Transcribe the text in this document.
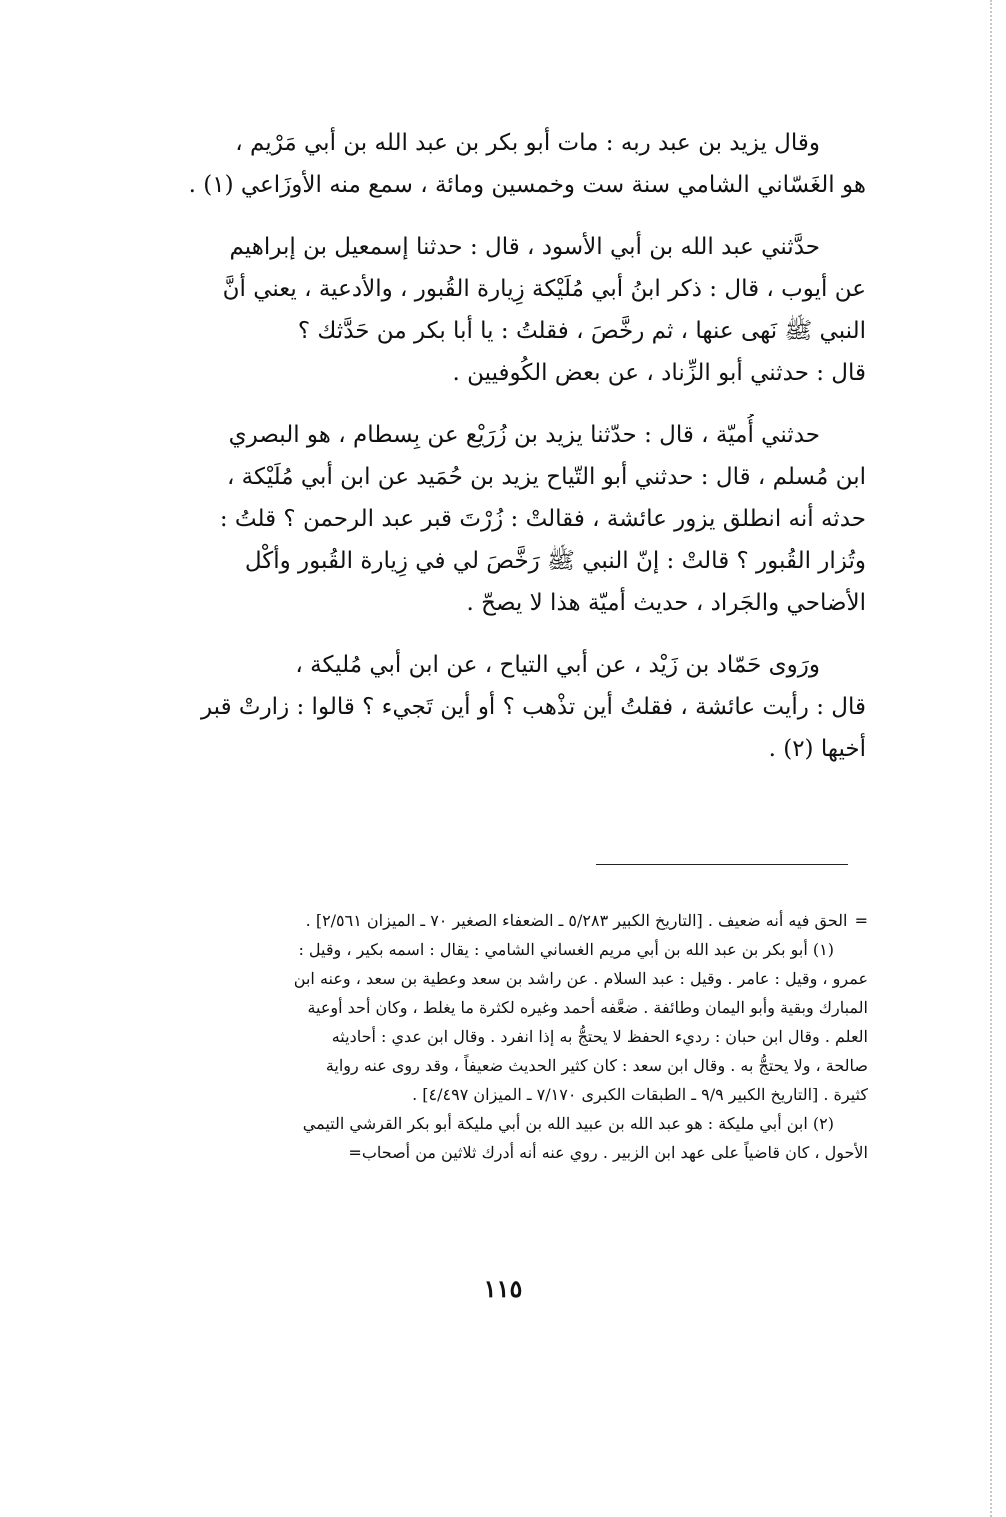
وقال يزيد بن عبد ربه : مات أبو بكر بن عبد الله بن أبي مَرْيم ،
هو الغَسّاني الشامي سنة ست وخمسين ومائة ، سمع منه الأوزَاعي (١) .
حدَّثني عبد الله بن أبي الأسود ، قال : حدثنا إسمعيل بن إبراهيم
عن أيوب ، قال : ذكر ابنُ أبي مُلَيْكة زِيارة القُبور ، والأدعية ، يعني أنَّ
النبي ﷺ نَهى عنها ، ثم رخَّصَ ، فقلتُ : يا أبا بكر من حَدَّثك ؟
قال : حدثني أبو الزِّناد ، عن بعض الكُوفيين .
حدثني أُميّة ، قال : حدّثنا يزيد بن زُرَيْع عن بِسطام ، هو البصري
ابن مُسلم ، قال : حدثني أبو التّياح يزيد بن حُمَيد عن ابن أبي مُلَيْكة ،
حدثه أنه انطلق يزور عائشة ، فقالتْ : زُرْتَ قبر عبد الرحمن ؟ قلتُ :
وتُزار القُبور ؟ قالتْ : إنّ النبي ﷺ رَخَّصَ لي في زِيارة القُبور وأكْل
الأضاحي والجَراد ، حديث أميّة هذا لا يصحّ .
ورَوى حَمّاد بن زَيْد ، عن أبي التياح ، عن ابن أبي مُليكة ،
قال : رأيت عائشة ، فقلتُ أين تذْهب ؟ أو أين تَجيء ؟ قالوا : زارتْ قبر
أخيها (٢) .
= الحق فيه أنه ضعيف . [التاريخ الكبير ٥/٢٨٣ ـ الضعفاء الصغير ٧٠ ـ الميزان ٢/٥٦١] .
(١) أبو بكر بن عبد الله بن أبي مريم الغساني الشامي : يقال : اسمه بكير ، وقيل :
عمرو ، وقيل : عامر . وقيل : عبد السلام . عن راشد بن سعد وعطية بن سعد ، وعنه ابن
المبارك وبقية وأبو اليمان وطائفة . ضعَّفه أحمد وغيره لكثرة ما يغلط ، وكان أحد أوعية
العلم . وقال ابن حبان : رديء الحفظ لا يحتجُّ به إذا انفرد . وقال ابن عدي : أحاديثه
صالحة ، ولا يحتجُّ به . وقال ابن سعد : كان كثير الحديث ضعيفاً ، وقد روى عنه رواية
كثيرة . [التاريخ الكبير ٩/٩ ـ الطبقات الكبرى ٧/١٧٠ ـ الميزان ٤/٤٩٧] .
(٢) ابن أبي مليكة : هو عبد الله بن عبيد الله بن أبي مليكة أبو بكر القرشي التيمي
الأحول ، كان قاضياً على عهد ابن الزبير . روي عنه أنه أدرك ثلاثين من أصحاب=
١١٥
